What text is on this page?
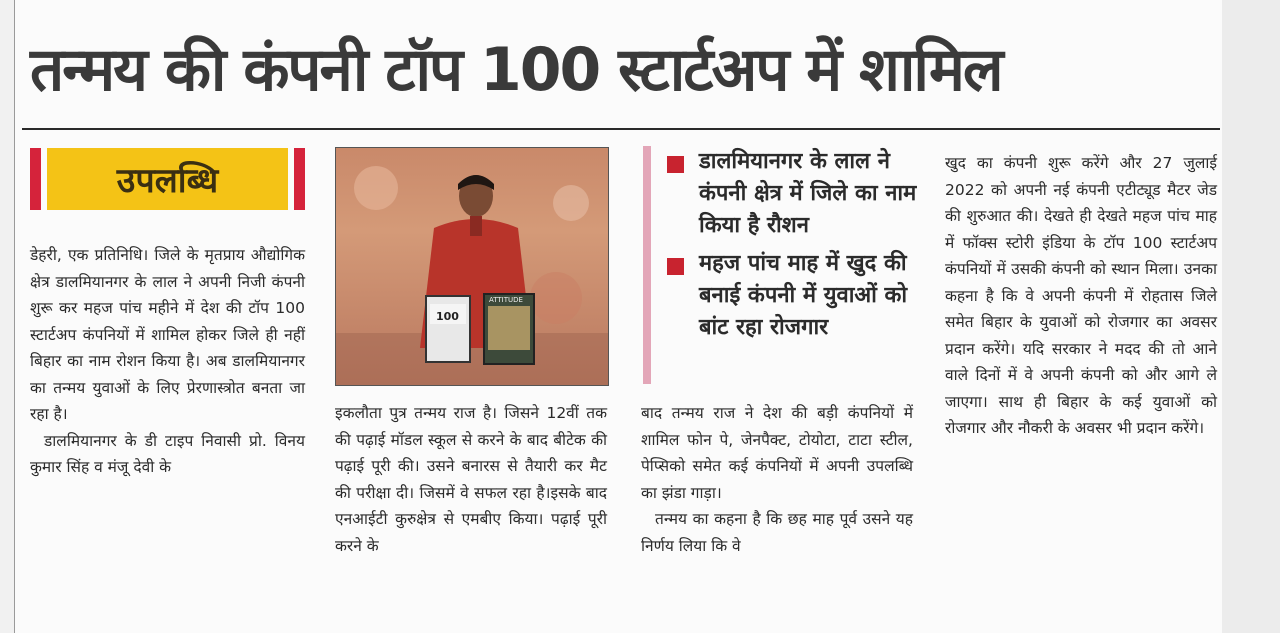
तन्मय की कंपनी टॉप 100 स्टार्टअप में शामिल
उपलब्धि

डेहरी, एक प्रतिनिधि। जिले के मृतप्राय औद्योगिक क्षेत्र डालमियानगर के लाल ने अपनी निजी कंपनी शुरू कर महज पांच महीने में देश की टॉप 100 स्टार्टअप कंपनियों में शामिल होकर जिले ही नहीं बिहार का नाम रोशन किया है। अब डालमियानगर का तन्मय युवाओं के लिए प्रेरणास्त्रोत बनता जा रहा है।

डालमियानगर के डी टाइप निवासी प्रो. विनय कुमार सिंह व मंजू देवी के

100
ATTITUDE

इकलौता पुत्र तन्मय राज है। जिसने 12वीं तक की पढ़ाई मॉडल स्कूल से करने के बाद बीटेक की पढ़ाई पूरी की। उसने बनारस से तैयारी कर मैट की परीक्षा दी। जिसमें वे सफल रहा है।इसके बाद एनआईटी कुरुक्षेत्र से एमबीए किया। पढ़ाई पूरी करने के

डालमियानगर के लाल ने कंपनी क्षेत्र में जिले का नाम किया है रौशन
महज पांच माह में खुद की बनाई कंपनी में युवाओं को बांट रहा रोजगार

बाद तन्मय राज ने देश की बड़ी कंपनियों में शामिल फोन पे, जेनपैक्ट, टोयोटा, टाटा स्टील, पेप्सिको समेत कई कंपनियों में अपनी उपलब्धि का झंडा गाड़ा।

तन्मय का कहना है कि छह माह पूर्व उसने यह निर्णय लिया कि वे

खुद का कंपनी शुरू करेंगे और 27 जुलाई 2022 को अपनी नई कंपनी एटीट्यूड मैटर जेड की शुरुआत की। देखते ही देखते महज पांच माह में फॉक्स स्टोरी इंडिया के टॉप 100 स्टार्टअप कंपनियों में उसकी कंपनी को स्थान मिला। उनका कहना है कि वे अपनी कंपनी में रोहतास जिले समेत बिहार के युवाओं को रोजगार का अवसर प्रदान करेंगे। यदि सरकार ने मदद की तो आने वाले दिनों में वे अपनी कंपनी को और आगे ले जाएगा। साथ ही बिहार के कई युवाओं को रोजगार और नौकरी के अवसर भी प्रदान करेंगे।
